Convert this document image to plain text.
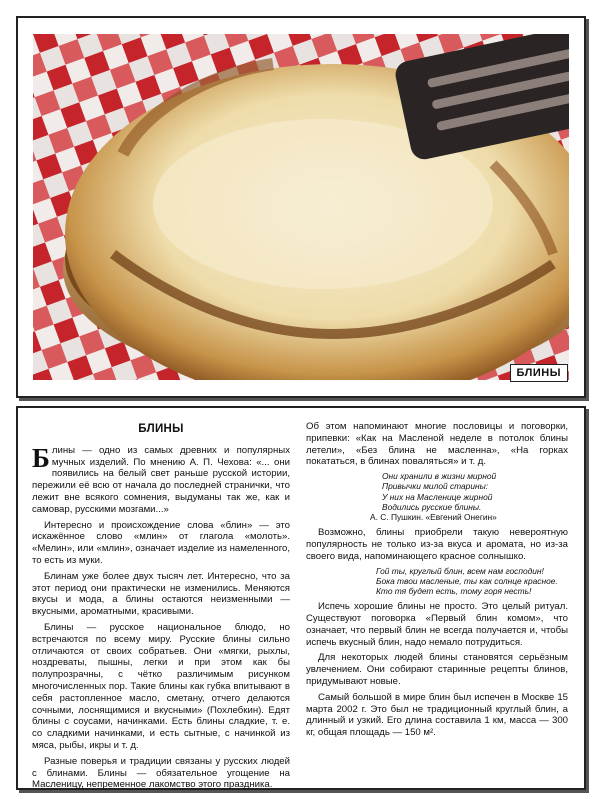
БЛИНЫ
БЛИНЫ

Блины — одно из самых древних и популярных мучных изделий. По мнению А. П. Чехова: «... они появились на белый свет раньше русской истории, пережили её всю от начала до последней странички, что лежит вне всякого сомнения, выдуманы так же, как и самовар, русскими мозгами...»

Интересно и происхождение слова «блин» — это искажённое слово «млин» от глагола «молоть». «Мелин», или «млин», означает изделие из намеленного, то есть из муки.

Блинам уже более двух тысяч лет. Интересно, что за этот период они практически не изменились. Меняются вкусы и мода, а блины остаются неизменными — вкусными, ароматными, красивыми.

Блины — русское национальное блюдо, но встречаются по всему миру. Русские блины сильно отличаются от своих собратьев. Они «мягки, рыхлы, ноздреваты, пышны, легки и при этом как бы полупрозрачны, с чётко различимым рисунком многочисленных пор. Такие блины как губка впитывают в себя растопленное масло, сметану, отчего делаются сочными, лоснящимися и вкусными» (Похлебкин). Едят блины с соусами, начинками. Есть блины сладкие, т. е. со сладкими начинками, и есть сытные, с начинкой из мяса, рыбы, икры и т. д.

Разные поверья и традиции связаны у русских людей с блинами. Блины — обязательное угощение на Масленицу, непременное лакомство этого праздника.

Об этом напоминают многие пословицы и поговорки, припевки: «Как на Масленой неделе в потолок блины летели», «Без блина не масленна», «На горках покататься, в блинах поваляться» и т. д.

Они хранили в жизни мирной
Привычки милой старины:
У них на Масленице жирной
Водились русские блины.
А. С. Пушкин. «Евгений Онегин»

Возможно, блины приобрели такую невероятную популярность не только из-за вкуса и аромата, но из-за своего вида, напоминающего красное солнышко.

Гой ты, круглый блин, всем нам господин!
Бока твои масленые, ты как солнце красное.
Кто тя будет есть, тому горя несть!

Испечь хорошие блины не просто. Это целый ритуал. Существуют поговорка «Первый блин комом», что означает, что первый блин не всегда получается и, чтобы испечь вкусный блин, надо немало потрудиться.

Для некоторых людей блины становятся серьёзным увлечением. Они собирают старинные рецепты блинов, придумывают новые.

Самый большой в мире блин был испечен в Москве 15 марта 2002 г. Это был не традиционный круглый блин, а длинный и узкий. Его длина составила 1 км, масса — 300 кг, общая площадь — 150 м².
